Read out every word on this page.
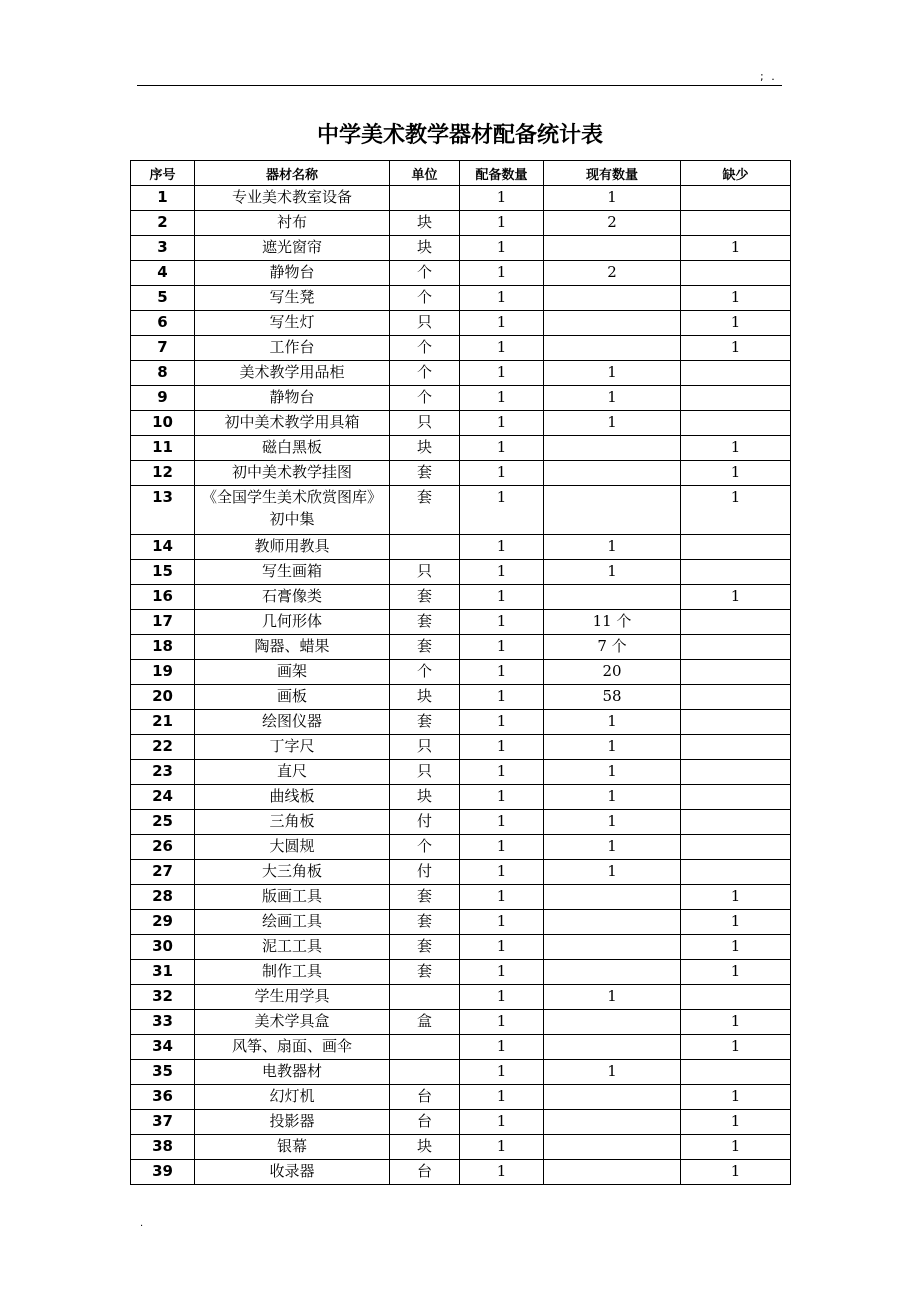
; .
中学美术教学器材配备统计表
序号	器材名称	单位	配备数量	现有数量	缺少
1	专业美术教室设备		1	1	
2	衬布	块	1	2	
3	遮光窗帘	块	1		1
4	静物台	个	1	2	
5	写生凳	个	1		1
6	写生灯	只	1		1
7	工作台	个	1		1
8	美术教学用品柜	个	1	1	
9	静物台	个	1	1	
10	初中美术教学用具箱	只	1	1	
11	磁白黑板	块	1		1
12	初中美术教学挂图	套	1		1
13	《全国学生美术欣赏图库》初中集	套	1		1
14	教师用教具		1	1	
15	写生画箱	只	1	1	
16	石膏像类	套	1		1
17	几何形体	套	1	11 个	
18	陶器、蜡果	套	1	7 个	
19	画架	个	1	20	
20	画板	块	1	58	
21	绘图仪器	套	1	1	
22	丁字尺	只	1	1	
23	直尺	只	1	1	
24	曲线板	块	1	1	
25	三角板	付	1	1	
26	大圆规	个	1	1	
27	大三角板	付	1	1	
28	版画工具	套	1		1
29	绘画工具	套	1		1
30	泥工工具	套	1		1
31	制作工具	套	1		1
32	学生用学具		1	1	
33	美术学具盒	盒	1		1
34	风筝、扇面、画伞		1		1
35	电教器材		1	1	
36	幻灯机	台	1		1
37	投影器	台	1		1
38	银幕	块	1		1
39	收录器	台	1		1
.
